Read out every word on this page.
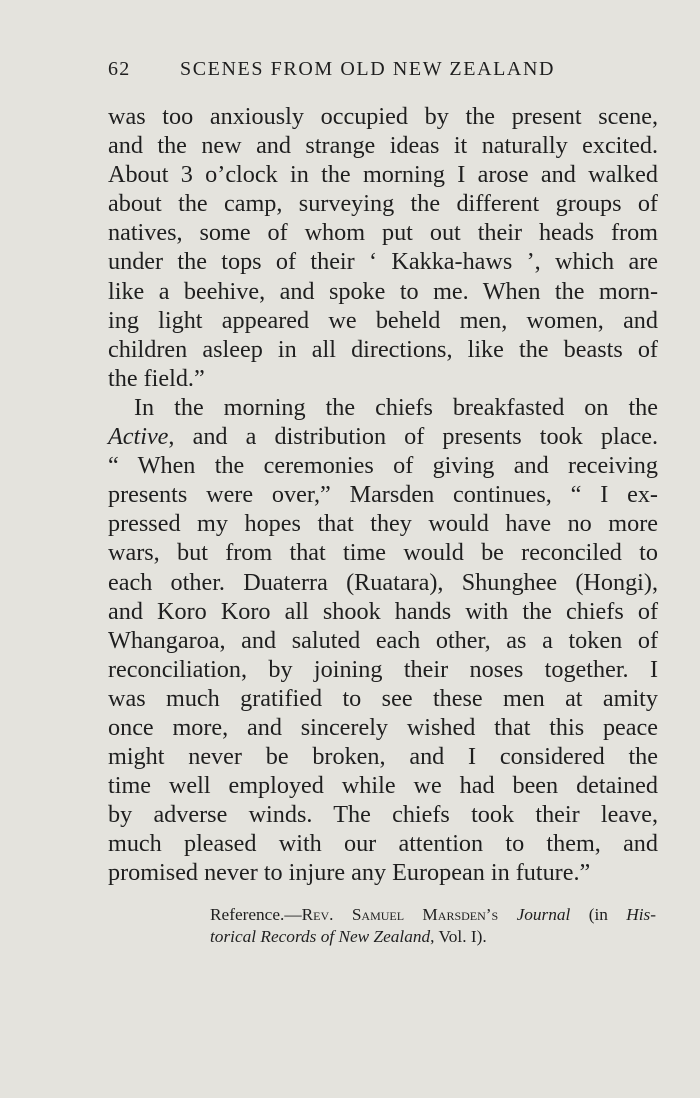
62 SCENES FROM OLD NEW ZEALAND
was too anxiously occupied by the present scene,
and the new and strange ideas it naturally excited.
About 3 o’clock in the morning I arose and walked
about the camp, surveying the different groups of
natives, some of whom put out their heads from
under the tops of their ‘ Kakka-haws ’, which are
like a beehive, and spoke to me. When the morn-
ing light appeared we beheld men, women, and
children asleep in all directions, like the beasts of
the field.”
In the morning the chiefs breakfasted on the
Active, and a distribution of presents took place.
“ When the ceremonies of giving and receiving
presents were over,” Marsden continues, “ I ex-
pressed my hopes that they would have no more
wars, but from that time would be reconciled to
each other. Duaterra (Ruatara), Shunghee (Hongi),
and Koro Koro all shook hands with the chiefs of
Whangaroa, and saluted each other, as a token of
reconciliation, by joining their noses together. I
was much gratified to see these men at amity
once more, and sincerely wished that this peace
might never be broken, and I considered the
time well employed while we had been detained
by adverse winds. The chiefs took their leave,
much pleased with our attention to them, and
promised never to injure any European in future.”
Reference.—Rev. Samuel Marsden’s Journal (in His-
torical Records of New Zealand, Vol. I).
